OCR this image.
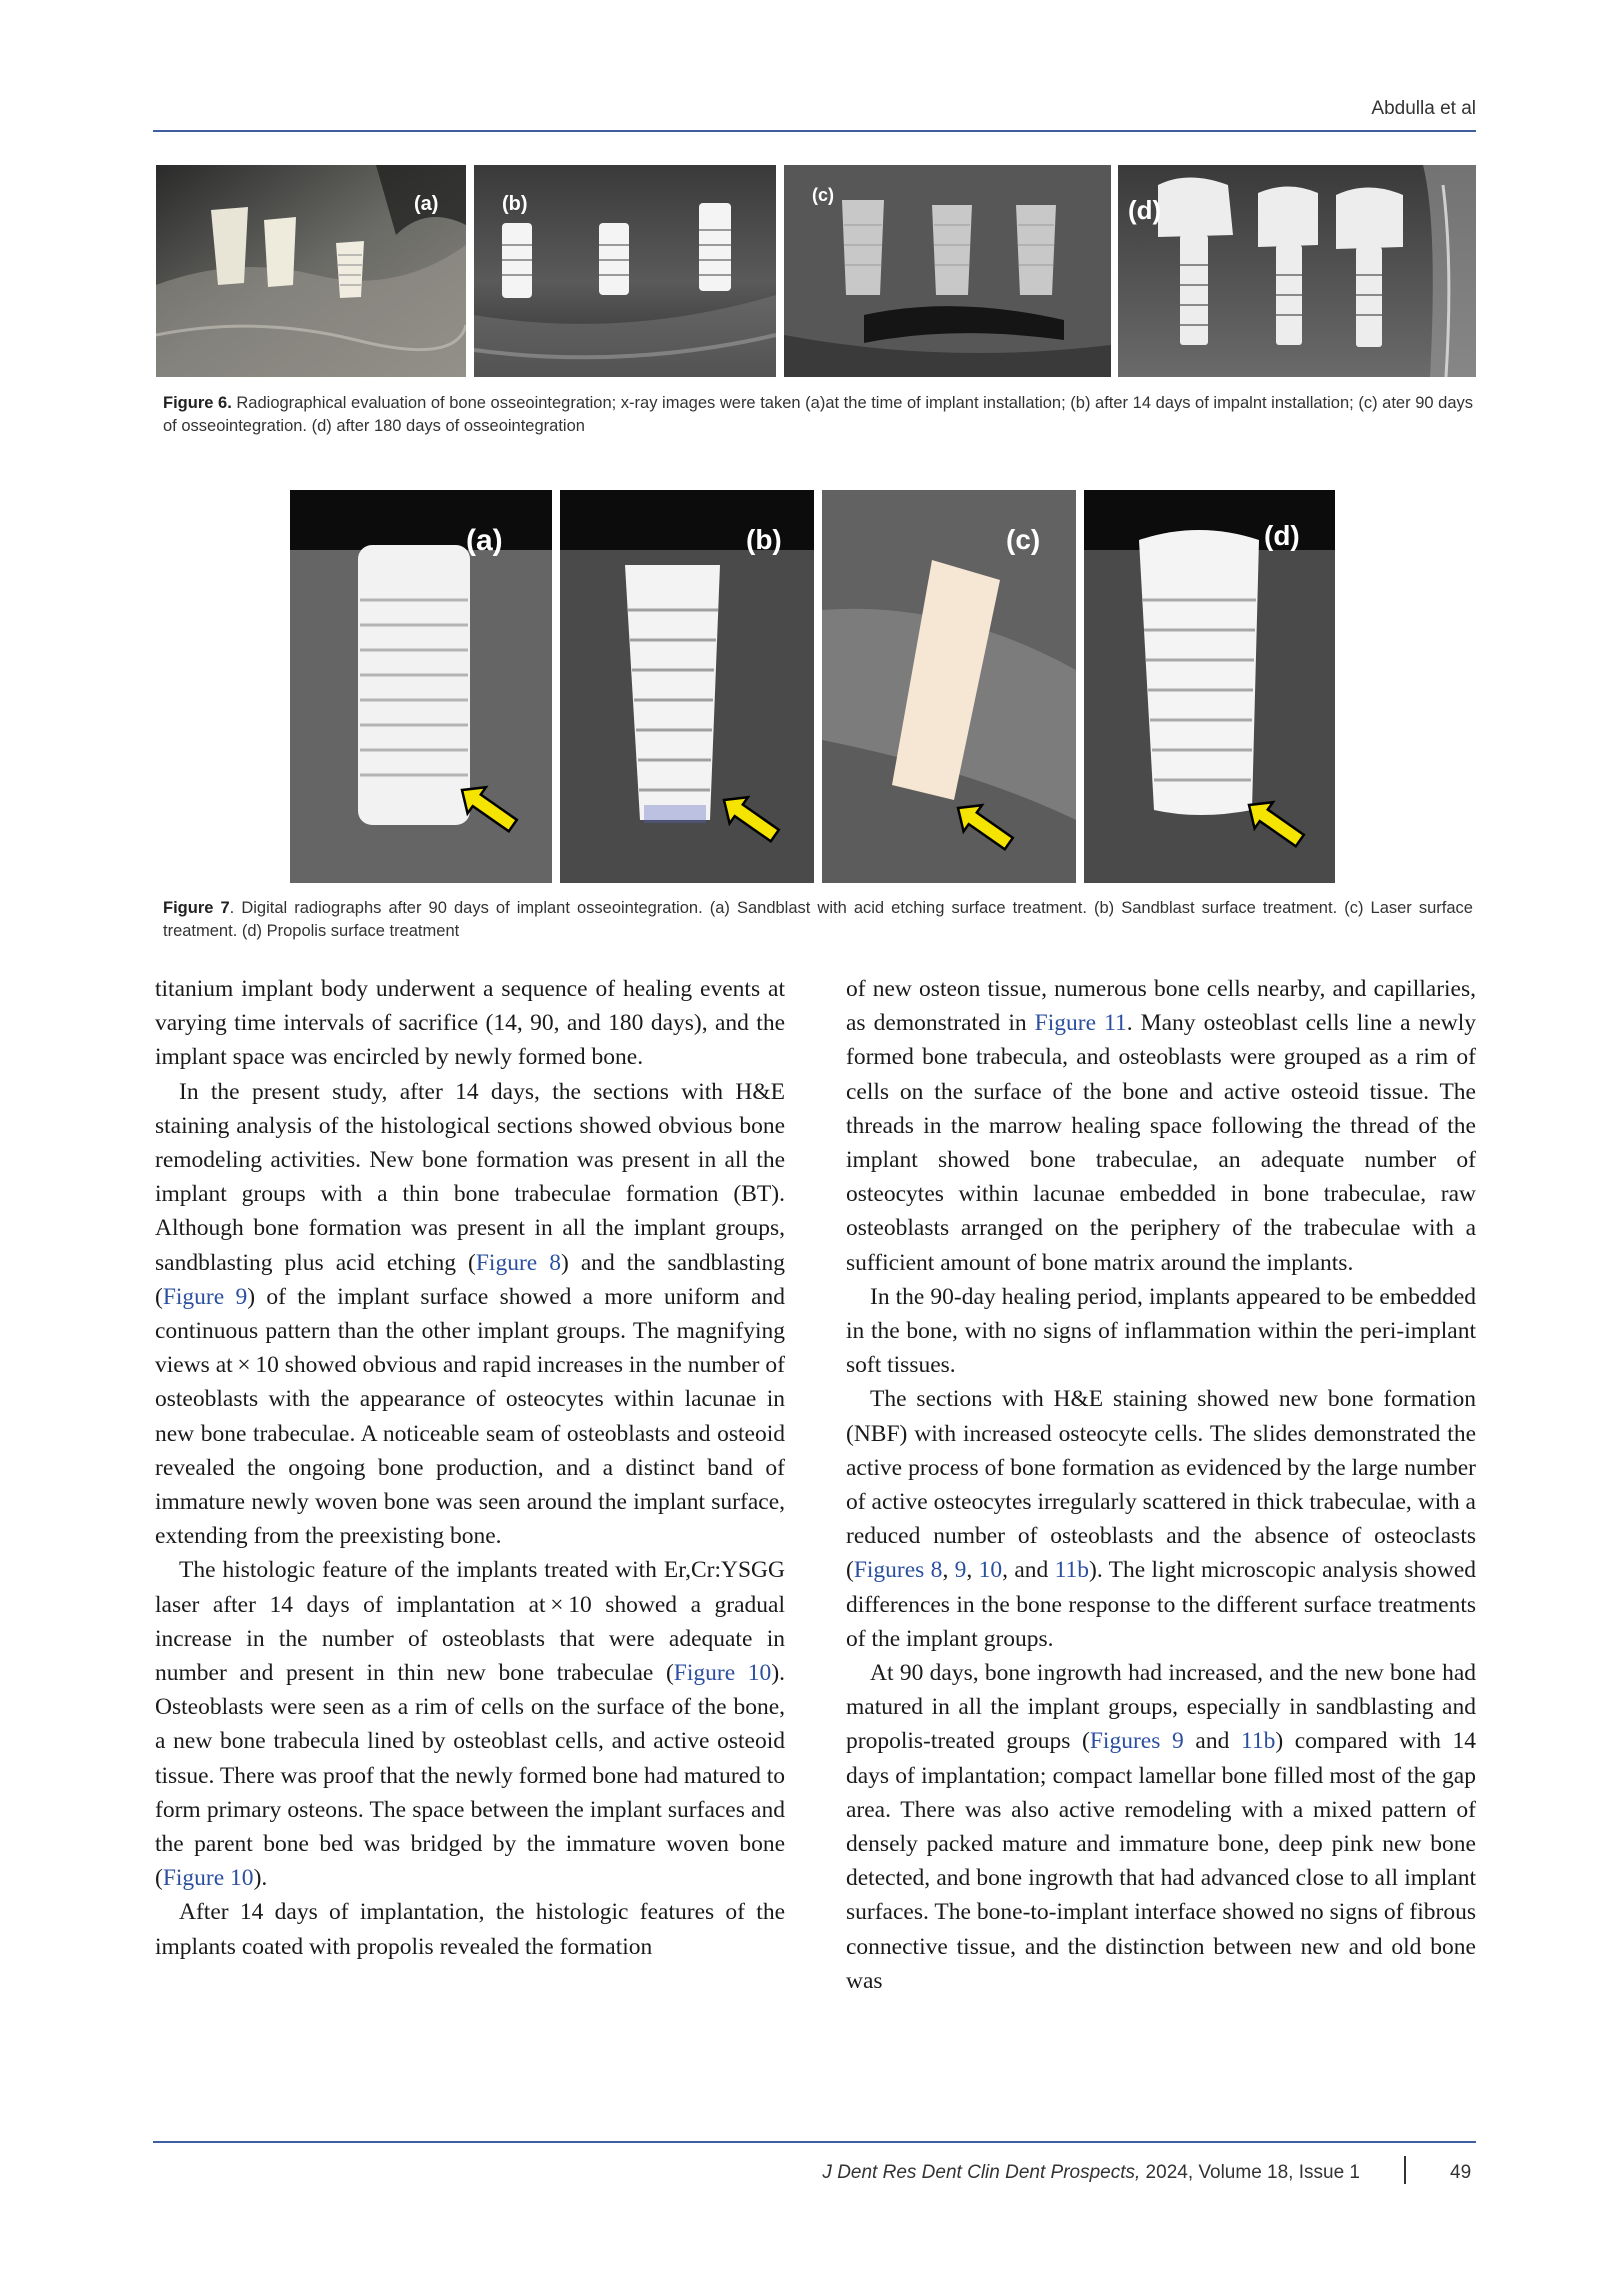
Abdulla et al
(a)	(b)	(c)	(d)
Figure 6. Radiographical evaluation of bone osseointegration; x-ray images were taken (a)at the time of implant installation; (b) after 14 days of impalnt installation; (c) ater 90 days of osseointegration. (d) after 180 days of osseointegration
(a)	(b)	(c)	(d)
Figure 7. Digital radiographs after 90 days of implant osseointegration. (a) Sandblast with acid etching surface treatment. (b) Sandblast surface treatment. (c) Laser surface treatment. (d) Propolis surface treatment

titanium implant body underwent a sequence of healing events at varying time intervals of sacrifice (14, 90, and 180 days), and the implant space was encircled by newly formed bone.

In the present study, after 14 days, the sections with H&E staining analysis of the histological sections showed obvious bone remodeling activities. New bone formation was present in all the implant groups with a thin bone trabeculae formation (BT). Although bone formation was present in all the implant groups, sandblasting plus acid etching (Figure 8) and the sandblasting (Figure 9) of the implant surface showed a more uniform and continuous pattern than the other implant groups. The magnifying views at × 10 showed obvious and rapid increases in the number of osteoblasts with the appearance of osteocytes within lacunae in new bone trabeculae. A noticeable seam of osteoblasts and osteoid revealed the ongoing bone production, and a distinct band of immature newly woven bone was seen around the implant surface, extending from the preexisting bone.

The histologic feature of the implants treated with Er,Cr:YSGG laser after 14 days of implantation at × 10 showed a gradual increase in the number of osteoblasts that were adequate in number and present in thin new bone trabeculae (Figure 10). Osteoblasts were seen as a rim of cells on the surface of the bone, a new bone trabecula lined by osteoblast cells, and active osteoid tissue. There was proof that the newly formed bone had matured to form primary osteons. The space between the implant surfaces and the parent bone bed was bridged by the immature woven bone (Figure 10).

After 14 days of implantation, the histologic features of the implants coated with propolis revealed the formation

of new osteon tissue, numerous bone cells nearby, and capillaries, as demonstrated in Figure 11. Many osteoblast cells line a newly formed bone trabecula, and osteoblasts were grouped as a rim of cells on the surface of the bone and active osteoid tissue. The threads in the marrow healing space following the thread of the implant showed bone trabeculae, an adequate number of osteocytes within lacunae embedded in bone trabeculae, raw osteoblasts arranged on the periphery of the trabeculae with a sufficient amount of bone matrix around the implants.

In the 90-day healing period, implants appeared to be embedded in the bone, with no signs of inflammation within the peri-implant soft tissues.

The sections with H&E staining showed new bone formation (NBF) with increased osteocyte cells. The slides demonstrated the active process of bone formation as evidenced by the large number of active osteocytes irregularly scattered in thick trabeculae, with a reduced number of osteoblasts and the absence of osteoclasts (Figures 8, 9, 10, and 11b). The light microscopic analysis showed differences in the bone response to the different surface treatments of the implant groups.

At 90 days, bone ingrowth had increased, and the new bone had matured in all the implant groups, especially in sandblasting and propolis-treated groups (Figures 9 and 11b) compared with 14 days of implantation; compact lamellar bone filled most of the gap area. There was also active remodeling with a mixed pattern of densely packed mature and immature bone, deep pink new bone detected, and bone ingrowth that had advanced close to all implant surfaces. The bone-to-implant interface showed no signs of fibrous connective tissue, and the distinction between new and old bone was

J Dent Res Dent Clin Dent Prospects, 2024, Volume 18, Issue 1	49
